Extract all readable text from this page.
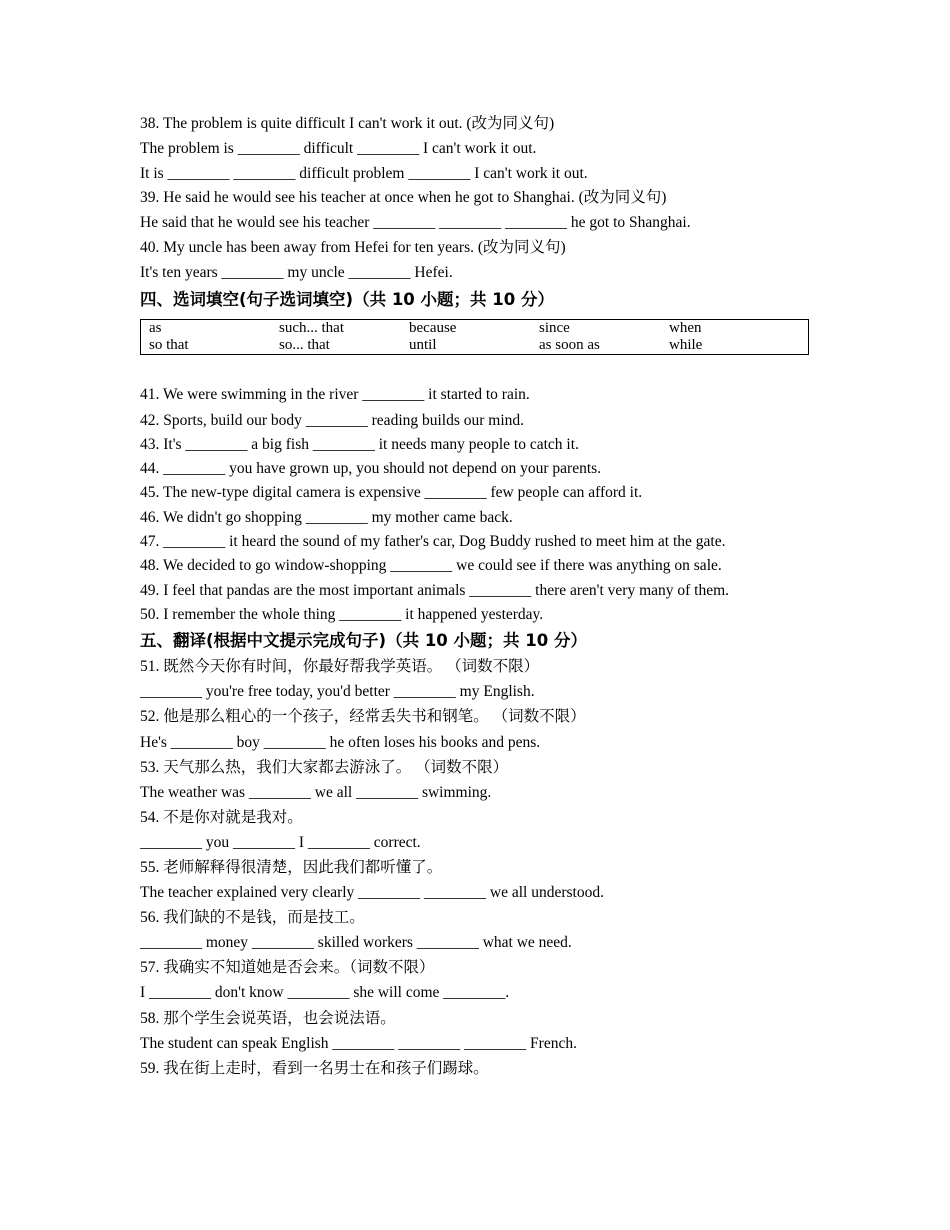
38. The problem is quite difficult I can't work it out. (改为同义句)
The problem is ________ difficult ________ I can't work it out.
It is ________ ________ difficult problem ________ I can't work it out.
39. He said he would see his teacher at once when he got to Shanghai. (改为同义句)
He said that he would see his teacher ________ ________ ________ he got to Shanghai.
40. My uncle has been away from Hefei for ten years. (改为同义句)
It's ten years ________ my uncle ________ Hefei.
四、选词填空(句子选词填空)（共 10 小题；共 10 分）
as	such... that	because	since	when
so that	so... that	until	as soon as	while
41. We were swimming in the river ________ it started to rain.
42. Sports, build our body ________ reading builds our mind.
43. It's ________ a big fish ________ it needs many people to catch it.
44. ________ you have grown up, you should not depend on your parents.
45. The new-type digital camera is expensive ________ few people can afford it.
46. We didn't go shopping ________ my mother came back.
47. ________ it heard the sound of my father's car, Dog Buddy rushed to meet him at the gate.
48. We decided to go window-shopping ________ we could see if there was anything on sale.
49. I feel that pandas are the most important animals ________ there aren't very many of them.
50. I remember the whole thing ________ it happened yesterday.
五、翻译(根据中文提示完成句子)（共 10 小题；共 10 分）
51. 既然今天你有时间，你最好帮我学英语。 （词数不限）
________ you're free today, you'd better ________ my English.
52. 他是那么粗心的一个孩子，经常丢失书和钢笔。 （词数不限）
He's ________ boy ________ he often loses his books and pens.
53. 天气那么热，我们大家都去游泳了。 （词数不限）
The weather was ________ we all ________ swimming.
54. 不是你对就是我对。
________ you ________ I ________ correct.
55. 老师解释得很清楚，因此我们都听懂了。
The teacher explained very clearly ________ ________ we all understood.
56. 我们缺的不是钱，而是技工。
________ money ________ skilled workers ________ what we need.
57. 我确实不知道她是否会来。（词数不限）
I ________ don't know ________ she will come ________.
58. 那个学生会说英语，也会说法语。
The student can speak English ________ ________ ________ French.
59. 我在街上走时，看到一名男士在和孩子们踢球。
